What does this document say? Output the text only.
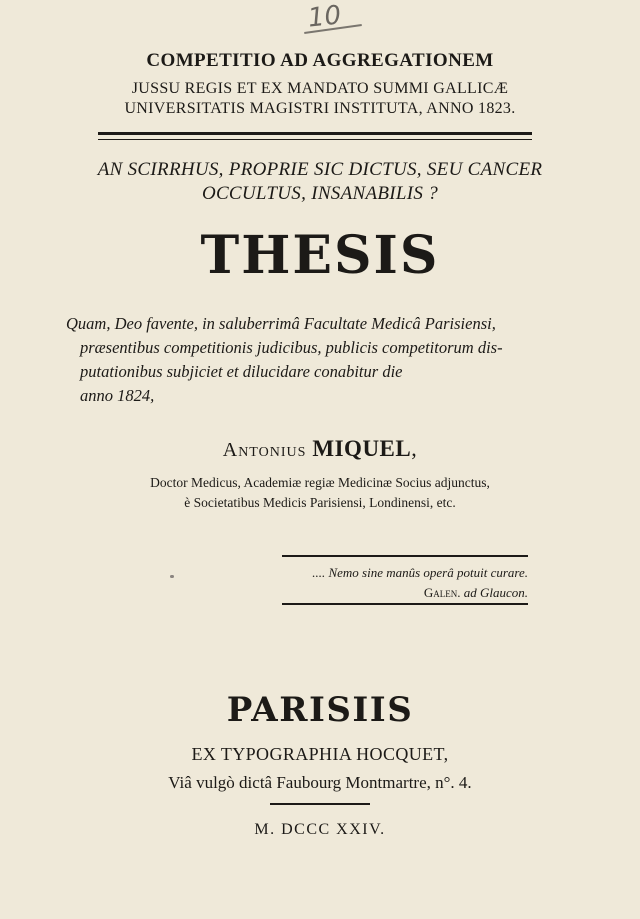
10
COMPETITIO AD AGGREGATIONEM
JUSSU REGIS ET EX MANDATO SUMMI GALLICÆ UNIVERSITATIS MAGISTRI INSTITUTA, ANNO 1823.
AN SCIRRHUS, PROPRIE SIC DICTUS, SEU CANCER
OCCULTUS, INSANABILIS ?
THESIS
Quam, Deo favente, in saluberrimâ Facultate Medicâ Parisiensi,
præsentibus competitionis judicibus, publicis competitorum dis-
putationibus subjiciet et dilucidare conabitur die
anno 1824,
Antonius MIQUEL,
Doctor Medicus, Academiæ regiæ Medicinæ Socius adjunctus,
è Societatibus Medicis Parisiensi, Londinensi, etc.
.... Nemo sine manûs operâ potuit curare.
Galen. ad Glaucon.
PARISIIS
EX TYPOGRAPHIA HOCQUET,
Viâ vulgò dictâ Faubourg Montmartre, n°. 4.
M. DCCC XXIV.
